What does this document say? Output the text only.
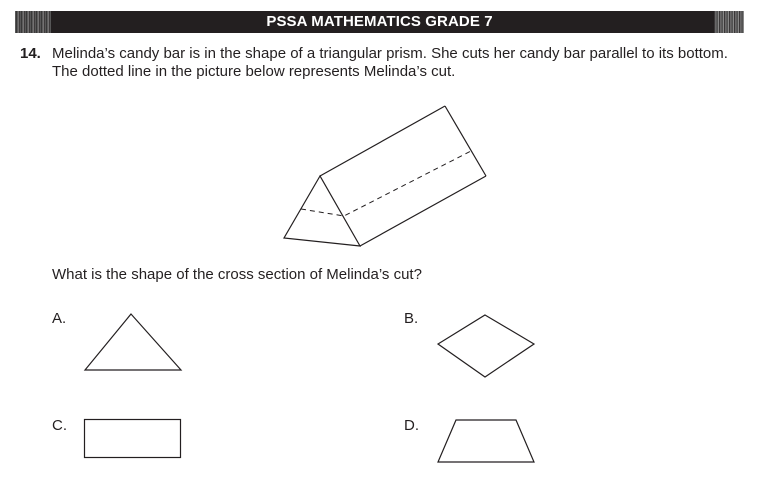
PSSA MATHEMATICS GRADE 7
14. Melinda’s candy bar is in the shape of a triangular prism. She cuts her candy bar parallel to its bottom. The dotted line in the picture below represents Melinda’s cut.
What is the shape of the cross section of Melinda’s cut?
A.	B.
C.	D.
